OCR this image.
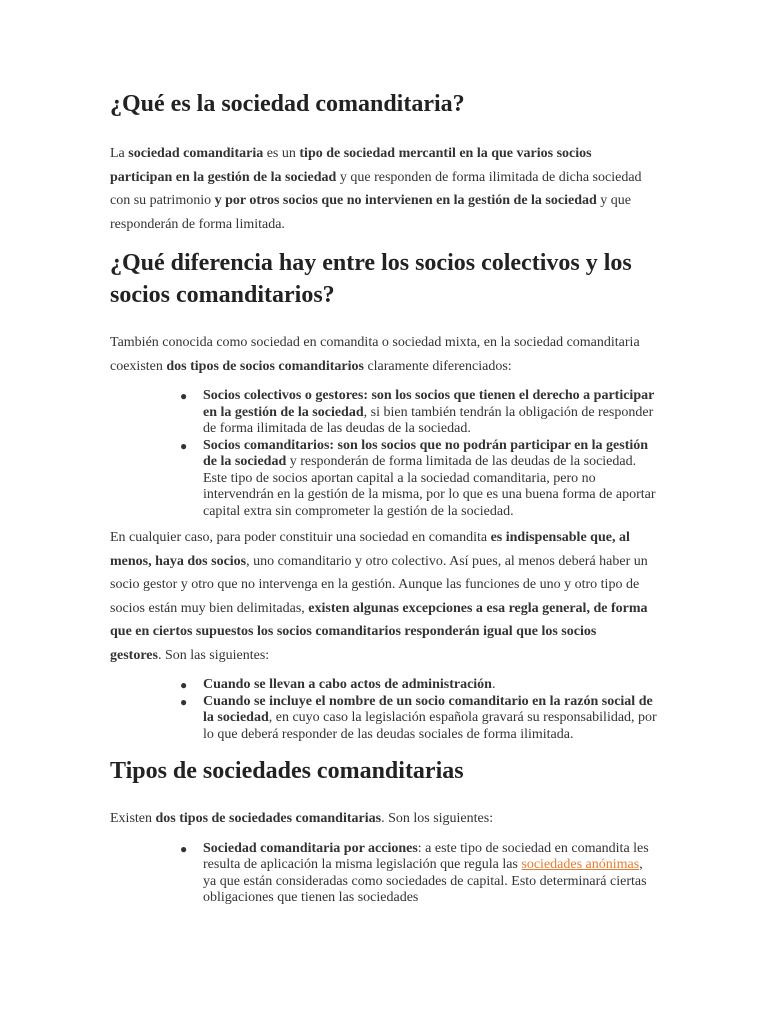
¿Qué es la sociedad comanditaria?

La sociedad comanditaria es un tipo de sociedad mercantil en la que varios socios participan en la gestión de la sociedad y que responden de forma ilimitada de dicha sociedad con su patrimonio y por otros socios que no intervienen en la gestión de la sociedad y que responderán de forma limitada.

¿Qué diferencia hay entre los socios colectivos y los socios comanditarios?

También conocida como sociedad en comandita o sociedad mixta, en la sociedad comanditaria coexisten dos tipos de socios comanditarios claramente diferenciados:

● Socios colectivos o gestores: son los socios que tienen el derecho a participar en la gestión de la sociedad, si bien también tendrán la obligación de responder de forma ilimitada de las deudas de la sociedad.
● Socios comanditarios: son los socios que no podrán participar en la gestión de la sociedad y responderán de forma limitada de las deudas de la sociedad. Este tipo de socios aportan capital a la sociedad comanditaria, pero no intervendrán en la gestión de la misma, por lo que es una buena forma de aportar capital extra sin comprometer la gestión de la sociedad.

En cualquier caso, para poder constituir una sociedad en comandita es indispensable que, al menos, haya dos socios, uno comanditario y otro colectivo. Así pues, al menos deberá haber un socio gestor y otro que no intervenga en la gestión. Aunque las funciones de uno y otro tipo de socios están muy bien delimitadas, existen algunas excepciones a esa regla general, de forma que en ciertos supuestos los socios comanditarios responderán igual que los socios gestores. Son las siguientes:

● Cuando se llevan a cabo actos de administración.
● Cuando se incluye el nombre de un socio comanditario en la razón social de la sociedad, en cuyo caso la legislación española gravará su responsabilidad, por lo que deberá responder de las deudas sociales de forma ilimitada.
Tipos de sociedades comanditarias

Existen dos tipos de sociedades comanditarias. Son los siguientes:

● Sociedad comanditaria por acciones: a este tipo de sociedad en comandita les resulta de aplicación la misma legislación que regula las sociedades anónimas, ya que están consideradas como sociedades de capital. Esto determinará ciertas obligaciones que tienen las sociedades
